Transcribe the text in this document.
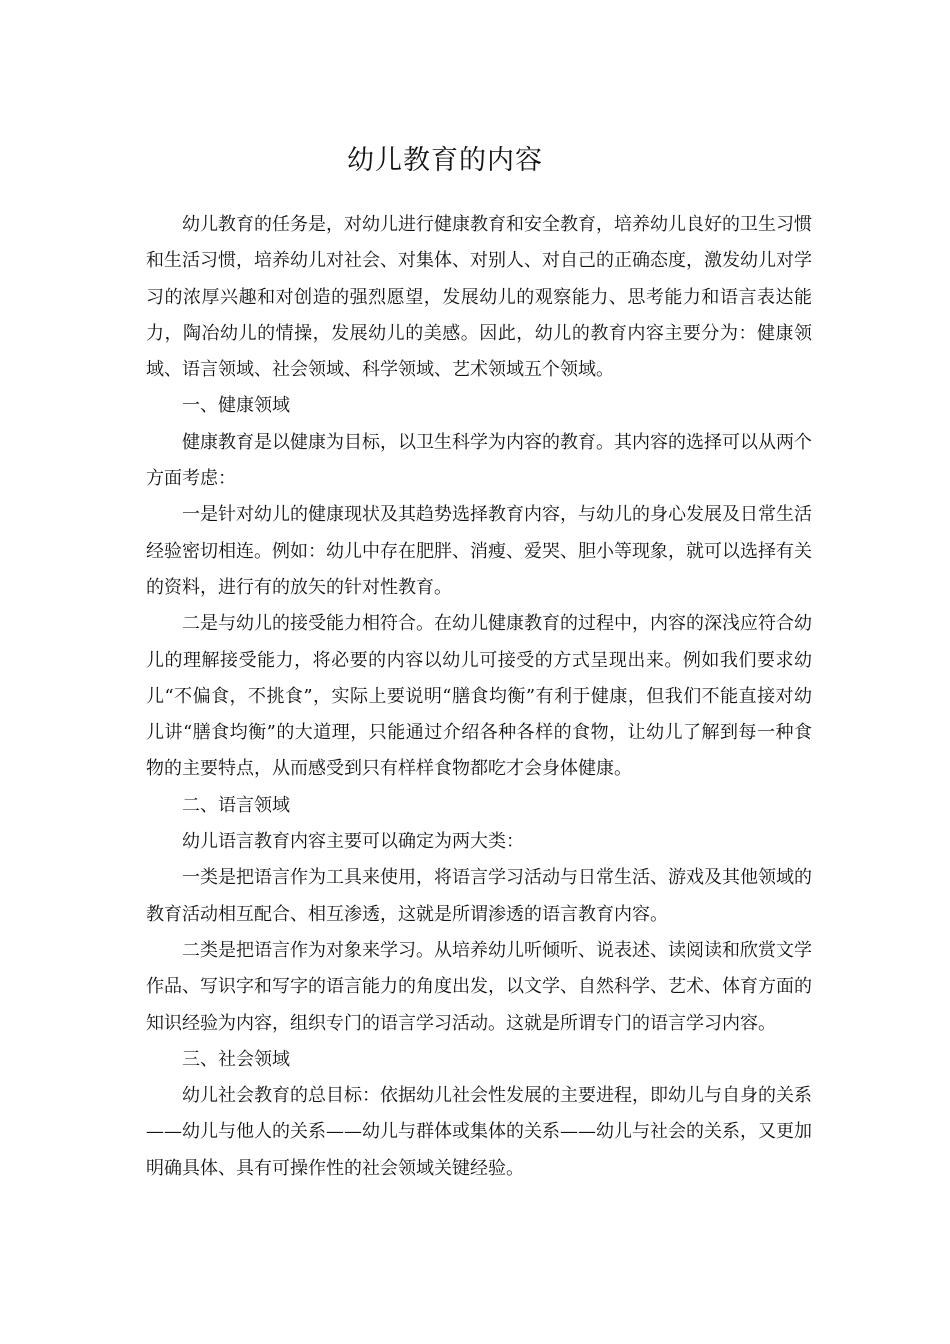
幼儿教育的内容

幼儿教育的任务是，对幼儿进行健康教育和安全教育，培养幼儿良好的卫生习惯和生活习惯，培养幼儿对社会、对集体、对别人、对自己的正确态度，激发幼儿对学习的浓厚兴趣和对创造的强烈愿望，发展幼儿的观察能力、思考能力和语言表达能力，陶冶幼儿的情操，发展幼儿的美感。因此，幼儿的教育内容主要分为：健康领域、语言领域、社会领域、科学领域、艺术领域五个领域。

一、健康领域

健康教育是以健康为目标，以卫生科学为内容的教育。其内容的选择可以从两个方面考虑：

一是针对幼儿的健康现状及其趋势选择教育内容，与幼儿的身心发展及日常生活经验密切相连。例如：幼儿中存在肥胖、消瘦、爱哭、胆小等现象，就可以选择有关的资料，进行有的放矢的针对性教育。

二是与幼儿的接受能力相符合。在幼儿健康教育的过程中，内容的深浅应符合幼儿的理解接受能力，将必要的内容以幼儿可接受的方式呈现出来。例如我们要求幼儿“不偏食，不挑食”，实际上要说明“膳食均衡”有利于健康，但我们不能直接对幼儿讲“膳食均衡”的大道理，只能通过介绍各种各样的食物，让幼儿了解到每一种食物的主要特点，从而感受到只有样样食物都吃才会身体健康。

二、语言领域

幼儿语言教育内容主要可以确定为两大类：

一类是把语言作为工具来使用，将语言学习活动与日常生活、游戏及其他领域的教育活动相互配合、相互渗透，这就是所谓渗透的语言教育内容。

二类是把语言作为对象来学习。从培养幼儿听倾听、说表述、读阅读和欣赏文学作品、写识字和写字的语言能力的角度出发，以文学、自然科学、艺术、体育方面的知识经验为内容，组织专门的语言学习活动。这就是所谓专门的语言学习内容。

三、社会领域

幼儿社会教育的总目标：依据幼儿社会性发展的主要进程，即幼儿与自身的关系——幼儿与他人的关系——幼儿与群体或集体的关系——幼儿与社会的关系，又更加明确具体、具有可操作性的社会领域关键经验。
